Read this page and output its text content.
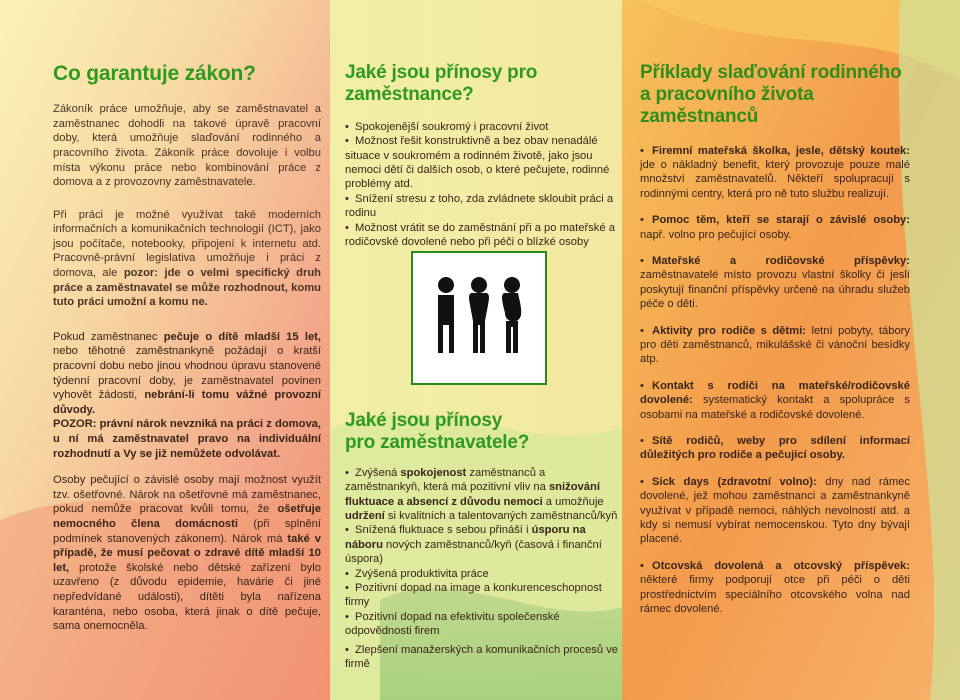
Co garantuje zákon?

Zákoník práce umožňuje, aby se zaměstnavatel a zaměstnanec dohodli na takové úpravě pracovní doby, která umožňuje slaďování rodinného a pracovního života. Zákoník práce dovoluje i volbu místa výkonu práce nebo kombinování práce z domova a z provozovny zaměstnavatele.

Při práci je možné využívat také moderních informačních a komunikačních technologií (ICT), jako jsou počítače, notebooky, připojení k internetu atd. Pracovně-právní legislativa umožňuje i práci z domova, ale pozor: jde o velmi specifický druh práce a zaměstnavatel se může rozhodnout, komu tuto práci umožní a komu ne.

Pokud zaměstnanec pečuje o dítě mladší 15 let, nebo těhotné zaměstnankyně požádají o kratší pracovní dobu nebo jinou vhodnou úpravu stanovené týdenní pracovní doby, je zaměstnavatel povinen vyhovět žádosti, nebrání-li tomu vážné provozní důvody.

POZOR: právní nárok nevzniká na práci z domova, u ní má zaměstnavatel pravo na individuální rozhodnutí a Vy se již nemůžete odvolávat.

Osoby pečující o závislé osoby mají možnost využít tzv. ošetřovné. Nárok na ošetřovné má zaměstnanec, pokud nemůže pracovat kvůli tomu, že ošetřuje nemocného člena domácnosti (při splnění podmínek stanovených zákonem). Nárok má také v případě, že musí pečovat o zdravé dítě mladší 10 let, protože školské nebo dětské zařízení bylo uzavřeno (z důvodu epidemie, havárie či jiné nepředvídané události), dítěti byla nařízena karanténa, nebo osoba, která jinak o dítě pečuje, sama onemocněla.

Jaké jsou přínosy pro zaměstnance?
• Spokojenější soukromý i pracovní život
• Možnost řešit konstruktivně a bez obav nenadálé situace v soukromém a rodinném životě, jako jsou nemoci dětí či dalších osob, o které pečujete, rodinné problémy atd.
• Snížení stresu z toho, zda zvládnete skloubit práci a rodinu
• Možnost vrátit se do zaměstnání při a po mateřské a rodičovské dovolené nebo při péči o blízké osoby
Jaké jsou přínosy
pro zaměstnavatele?
• Zvýšená spokojenost zaměstnanců a zaměstnankyň, která má pozitivní vliv na snižování fluktuace a absencí z důvodu nemoci a umožňuje udržení si kvalitních a talentovaných zaměstnanců/kyň
• Snížená fluktuace s sebou přináší i úsporu na náboru nových zaměstnanců/kyň (časová i finanční úspora)
• Zvýšená produktivita práce
• Pozitivní dopad na image a konkurenceschopnost firmy
• Pozitivní dopad na efektivitu společenské odpovědnosti firem
• Zlepšení manažerských a komunikačních procesů ve firmě
Příklady slaďování rodinného
a pracovního života zaměstnanců
• Firemní mateřská školka, jesle, dětský koutek: jde o nákladný benefit, který provozuje pouze malé množství zaměstnavatelů. Někteří spolupracují s rodinnými centry, která pro ně tuto službu realizují.
• Pomoc těm, kteří se starají o závislé osoby: např. volno pro pečující osoby.
• Mateřské a rodičovské příspěvky: zaměstnavatelé místo provozu vlastní školky či jeslí poskytují finanční příspěvky určené na úhradu služeb péče o děti.
• Aktivity pro rodiče s dětmi: letní pobyty, tábory pro děti zaměstnanců, mikulášské či vánoční besídky atp.
• Kontakt s rodiči na mateřské/rodičovské dovolené: systematický kontakt a spolupráce s osobami na mateřské a rodičovské dovolené.
• Sítě rodičů, weby pro sdílení informací důležitých pro rodiče a pečující osoby.
• Sick days (zdravotní volno): dny nad rámec dovolené, jež mohou zaměstnanci a zaměstnankyně využívat v případě nemoci, náhlých nevolností atd. a kdy si nemusí vybírat nemocenskou. Tyto dny bývají placené.
• Otcovská dovolená a otcovský příspěvek: některé firmy podporují otce při péči o děti prostřednictvím speciálního otcovského volna nad rámec dovolené.
